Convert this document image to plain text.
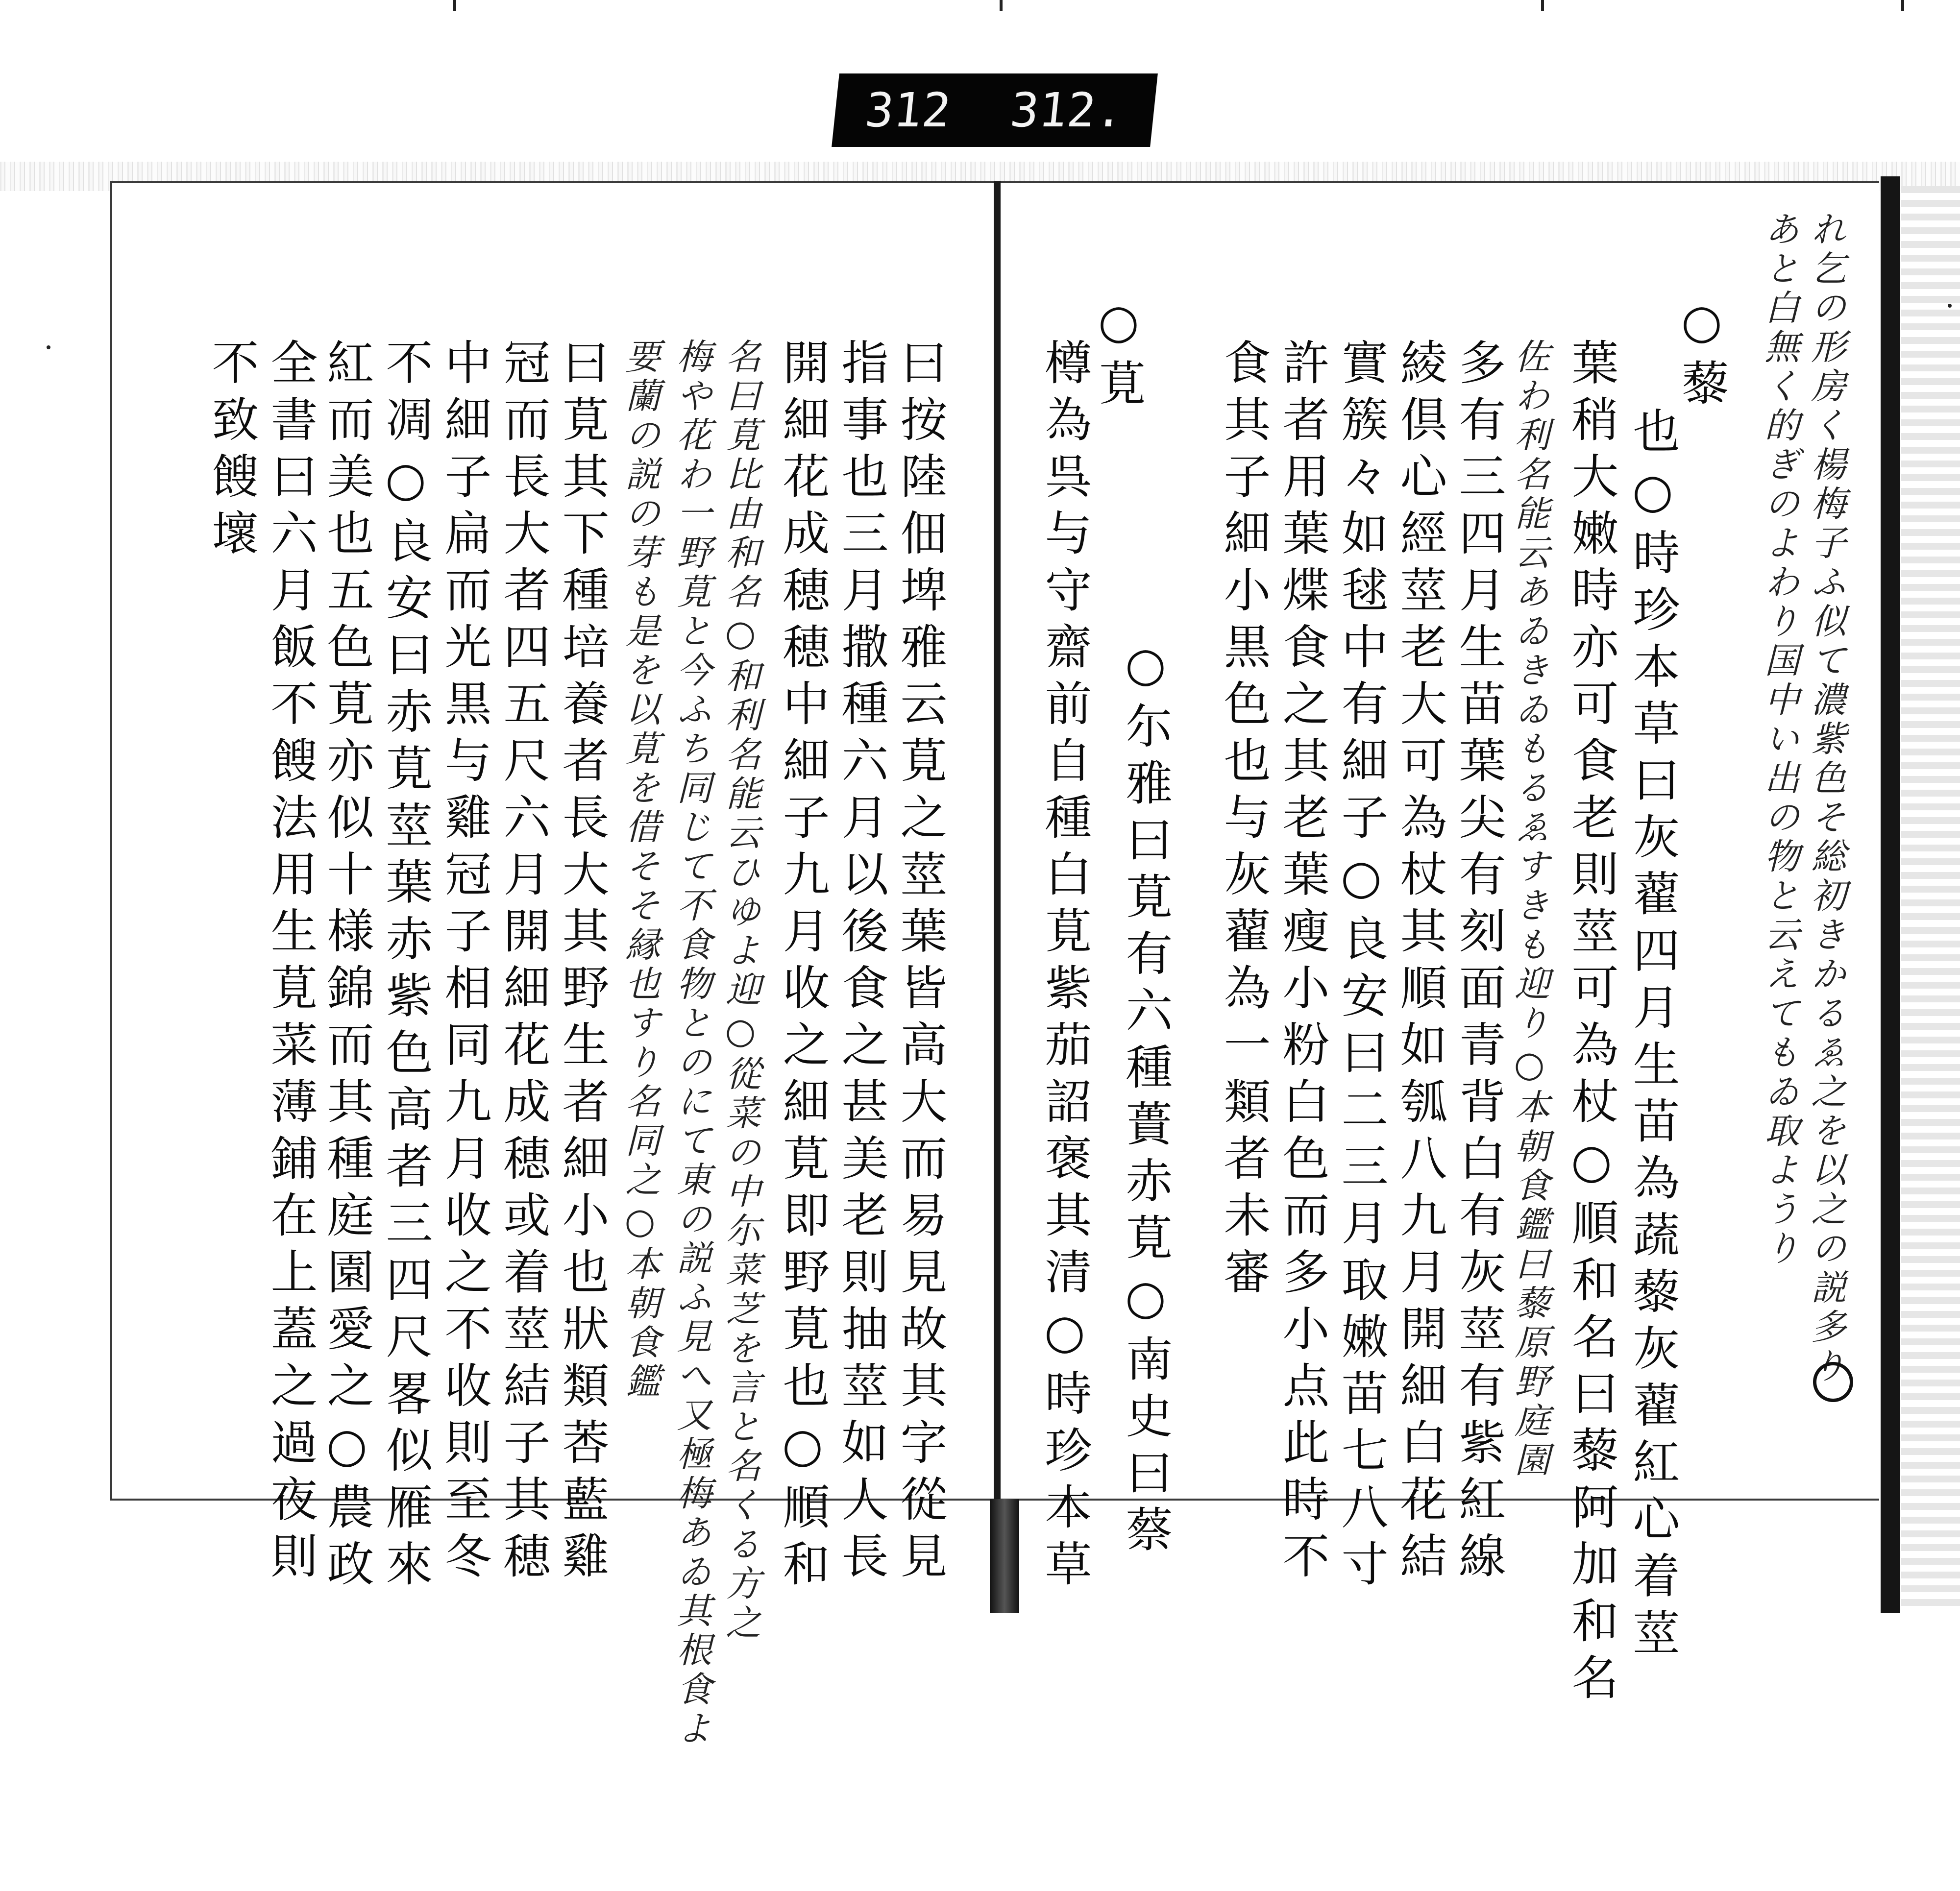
312 312.
れ乞の形房く楊梅子ふ似て濃紫色そ総初きかるゑ之を以之の説多り
あと白無く的ぎのよわり国中い出の物と云えてもゐ取ようり
○藜
也○時珍本草曰灰藋四月生苗為蔬藜灰藋紅心着莖
葉稍大嫩時亦可食老則莖可為杖○順和名曰藜阿加和名
佐わ利名能云あゐきゐもるゑすきも迎り○本朝食鑑曰藜原野庭園
多有三四月生苗葉尖有刻面青背白有灰莖有紫紅線
綾倶心經莖老大可為杖其順如瓠八九月開細白花結
實簇々如毬中有細子○良安曰二三月取嫩苗七八寸
許者用葉煠食之其老葉瘦小粉白色而多小点此時不
食其子細小黒色也与灰藋為一類者未審
○莧
樽為呉与守齋前自種白莧紫茄詔褒其清○時珍本草 ○尓雅曰莧有六種蕢赤莧○南史曰蔡
曰按陸佃埤雅云莧之莖葉皆高大而易見故其字從見
指事也三月撒種六月以後食之甚美老則抽莖如人長
開細花成穂穂中細子九月收之細莧即野莧也○順和
名曰莧比由和名○和利名能云ひゆよ迎○從菜の中尓菜芝を言と名くる方之
梅や花わ一野莧と今ふち同じて不食物とのにて東の説ふ見へ又極梅あゐ其根食よ
要蘭の説の芽も是を以莧を借そそ縁也すり名同之○本朝食鑑
曰莧其下種培養者長大其野生者細小也狀類莕藍雞
冠而長大者四五尺六月開細花成穂或着莖結子其穂
中細子扁而光黒与雞冠子相同九月收之不收則至冬
不凋○良安曰赤莧莖葉赤紫色高者三四尺畧似雁來
紅而美也五色莧亦似十様錦而其種庭園愛之○農政
全書曰六月飯不餿法用生莧菜薄鋪在上蓋之過夜則
不致餿壞
